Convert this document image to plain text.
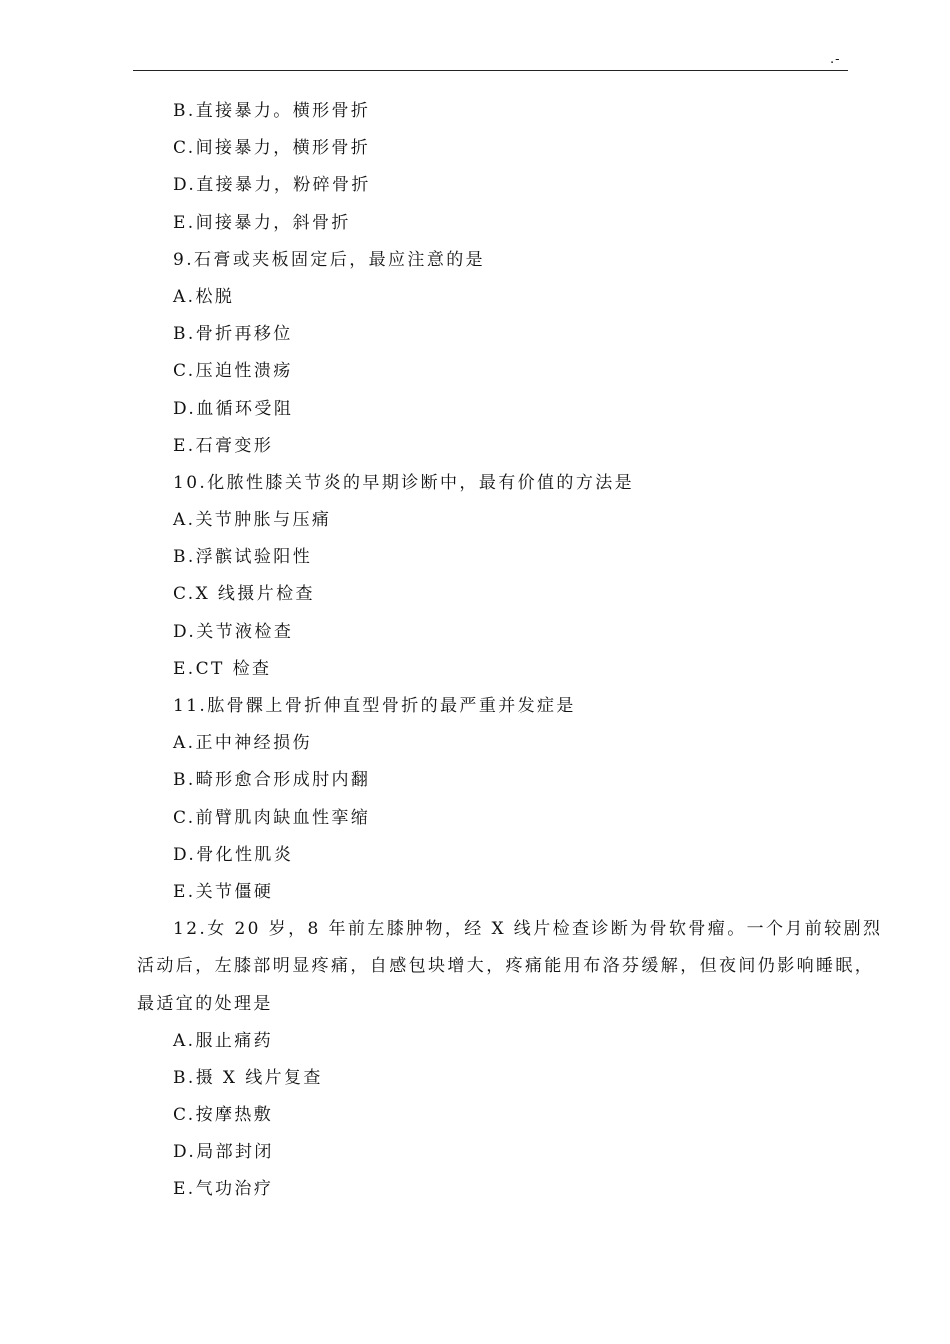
.-
B.直接暴力。横形骨折
C.间接暴力，横形骨折
D.直接暴力，粉碎骨折
E.间接暴力，斜骨折
9.石膏或夹板固定后，最应注意的是
A.松脱
B.骨折再移位
C.压迫性溃疡
D.血循环受阻
E.石膏变形
10.化脓性膝关节炎的早期诊断中，最有价值的方法是
A.关节肿胀与压痛
B.浮髌试验阳性
C.X 线摄片检查
D.关节液检查
E.CT 检查
11.肱骨髁上骨折伸直型骨折的最严重并发症是
A.正中神经损伤
B.畸形愈合形成肘内翻
C.前臂肌肉缺血性挛缩
D.骨化性肌炎
E.关节僵硬
12.女 20 岁，8 年前左膝肿物，经 X 线片检查诊断为骨软骨瘤。一个月前较剧烈
活动后，左膝部明显疼痛，自感包块增大，疼痛能用布洛芬缓解，但夜间仍影响睡眠，
最适宜的处理是
A.服止痛药
B.摄 X 线片复查
C.按摩热敷
D.局部封闭
E.气功治疗
